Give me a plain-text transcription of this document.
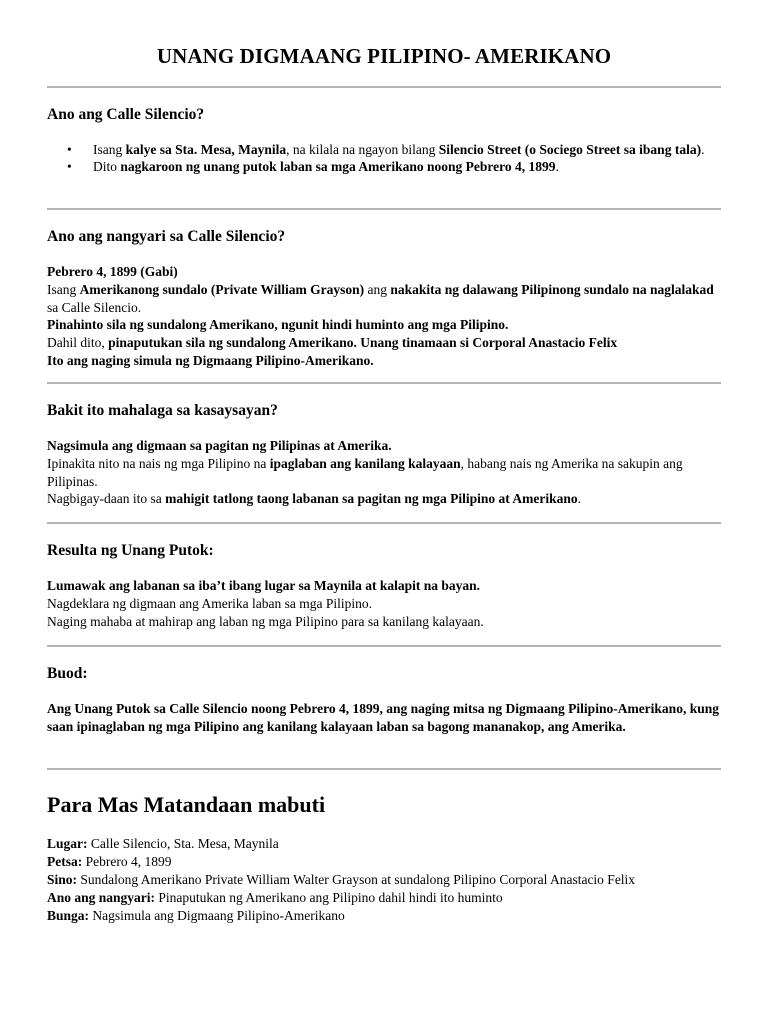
UNANG DIGMAANG PILIPINO- AMERIKANO
Ano ang Calle Silencio?
• Isang kalye sa Sta. Mesa, Maynila, na kilala na ngayon bilang Silencio Street (o Sociego Street sa ibang tala).
• Dito nagkaroon ng unang putok laban sa mga Amerikano noong Pebrero 4, 1899.
Ano ang nangyari sa Calle Silencio?

Pebrero 4, 1899 (Gabi)

Isang Amerikanong sundalo (Private William Grayson) ang nakakita ng dalawang Pilipinong sundalo na naglalakad sa Calle Silencio.

Pinahinto sila ng sundalong Amerikano, ngunit hindi huminto ang mga Pilipino.

Dahil dito, pinaputukan sila ng sundalong Amerikano. Unang tinamaan si Corporal Anastacio Felix

Ito ang naging simula ng Digmaang Pilipino-Amerikano.

Bakit ito mahalaga sa kasaysayan?

Nagsimula ang digmaan sa pagitan ng Pilipinas at Amerika.

Ipinakita nito na nais ng mga Pilipino na ipaglaban ang kanilang kalayaan, habang nais ng Amerika na sakupin ang Pilipinas.

Nagbigay-daan ito sa mahigit tatlong taong labanan sa pagitan ng mga Pilipino at Amerikano.

Resulta ng Unang Putok:

Lumawak ang labanan sa iba’t ibang lugar sa Maynila at kalapit na bayan.

Nagdeklara ng digmaan ang Amerika laban sa mga Pilipino.

Naging mahaba at mahirap ang laban ng mga Pilipino para sa kanilang kalayaan.

Buod:

Ang Unang Putok sa Calle Silencio noong Pebrero 4, 1899, ang naging mitsa ng Digmaang Pilipino-Amerikano, kung saan ipinaglaban ng mga Pilipino ang kanilang kalayaan laban sa bagong mananakop, ang Amerika.

Para Mas Matandaan mabuti

Lugar: Calle Silencio, Sta. Mesa, Maynila

Petsa: Pebrero 4, 1899

Sino: Sundalong Amerikano Private William Walter Grayson at sundalong Pilipino Corporal Anastacio Felix

Ano ang nangyari: Pinaputukan ng Amerikano ang Pilipino dahil hindi ito huminto

Bunga: Nagsimula ang Digmaang Pilipino-Amerikano
